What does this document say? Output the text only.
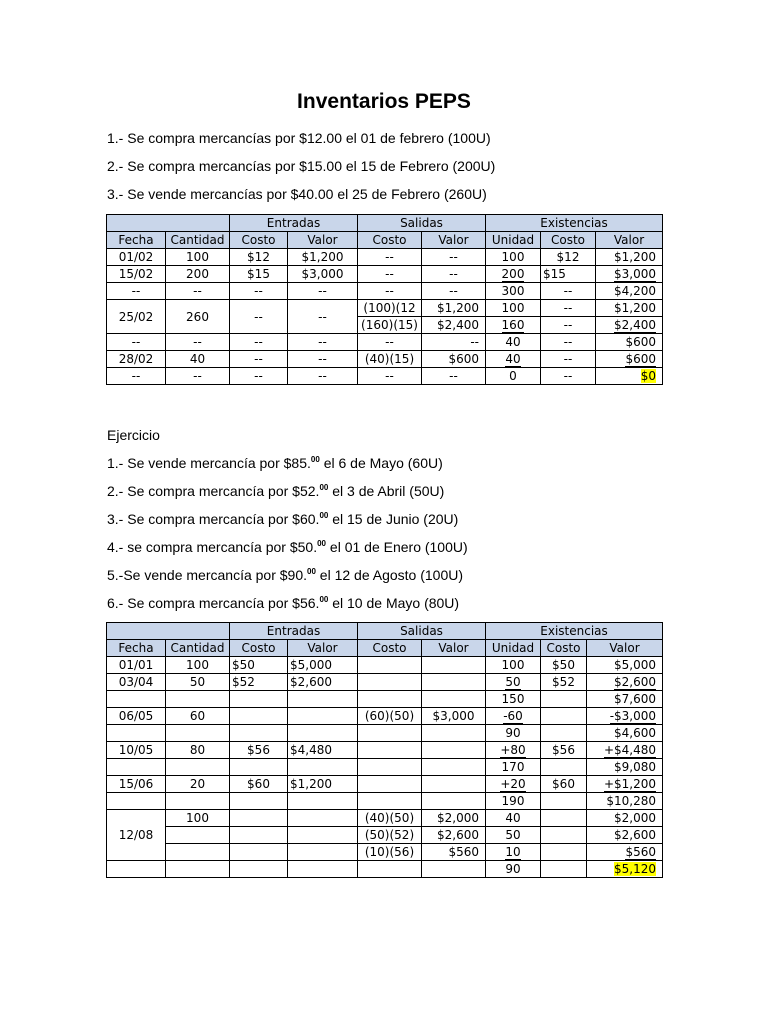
Inventarios PEPS
1.- Se compra mercancías por $12.00 el 01 de febrero (100U)
2.- Se compra mercancías por $15.00 el 15 de Febrero (200U)
3.- Se vende mercancías por $40.00 el 25 de Febrero (260U)
		Entradas		Salidas		Existencias		
Fecha	Cantidad	Costo	Valor	Costo	Valor	Unidad	Costo	Valor
01/02	100	$12	$1,200	--	--	100	$12	$1,200
15/02	200	$15	$3,000	--	--	200	$15	$3,000
--	--	--	--	--	--	300	--	$4,200
25/02	260	--	--	(100)(12	$1,200	100	--	$1,200
				(160)(15)	$2,400	160	--	$2,400
--	--	--	--	--	--	40	--	$600
28/02	40	--	--	(40)(15)	$600	40	--	$600
--	--	--	--	--	--	0	--	$0
Ejercicio
1.- Se vende mercancía por $85.00 el 6 de Mayo (60U)
2.- Se compra mercancía por $52.00 el 3 de Abril (50U)
3.- Se compra mercancía por $60.00 el 15 de Junio (20U)
4.- se compra mercancía por $50.00 el 01 de Enero (100U)
5.-Se vende mercancía por $90.00 el 12 de Agosto (100U)
6.- Se compra mercancía por $56.00 el 10 de Mayo (80U)
		Entradas		Salidas		Existencias		
Fecha	Cantidad	Costo	Valor	Costo	Valor	Unidad	Costo	Valor
01/01	100	$50	$5,000			100	$50	$5,000
03/04	50	$52	$2,600			50	$52	$2,600
						150		$7,600
06/05	60			(60)(50)	$3,000	-60		-$3,000
						90		$4,600
10/05	80	$56	$4,480			+80	$56	+$4,480
						170		$9,080
15/06	20	$60	$1,200			+20	$60	+$1,200
						190		$10,280
12/08	100			(40)(50)	$2,000	40		$2,000
				(50)(52)	$2,600	50		$2,600
				(10)(56)	$560	10		$560
						90		$5,120
